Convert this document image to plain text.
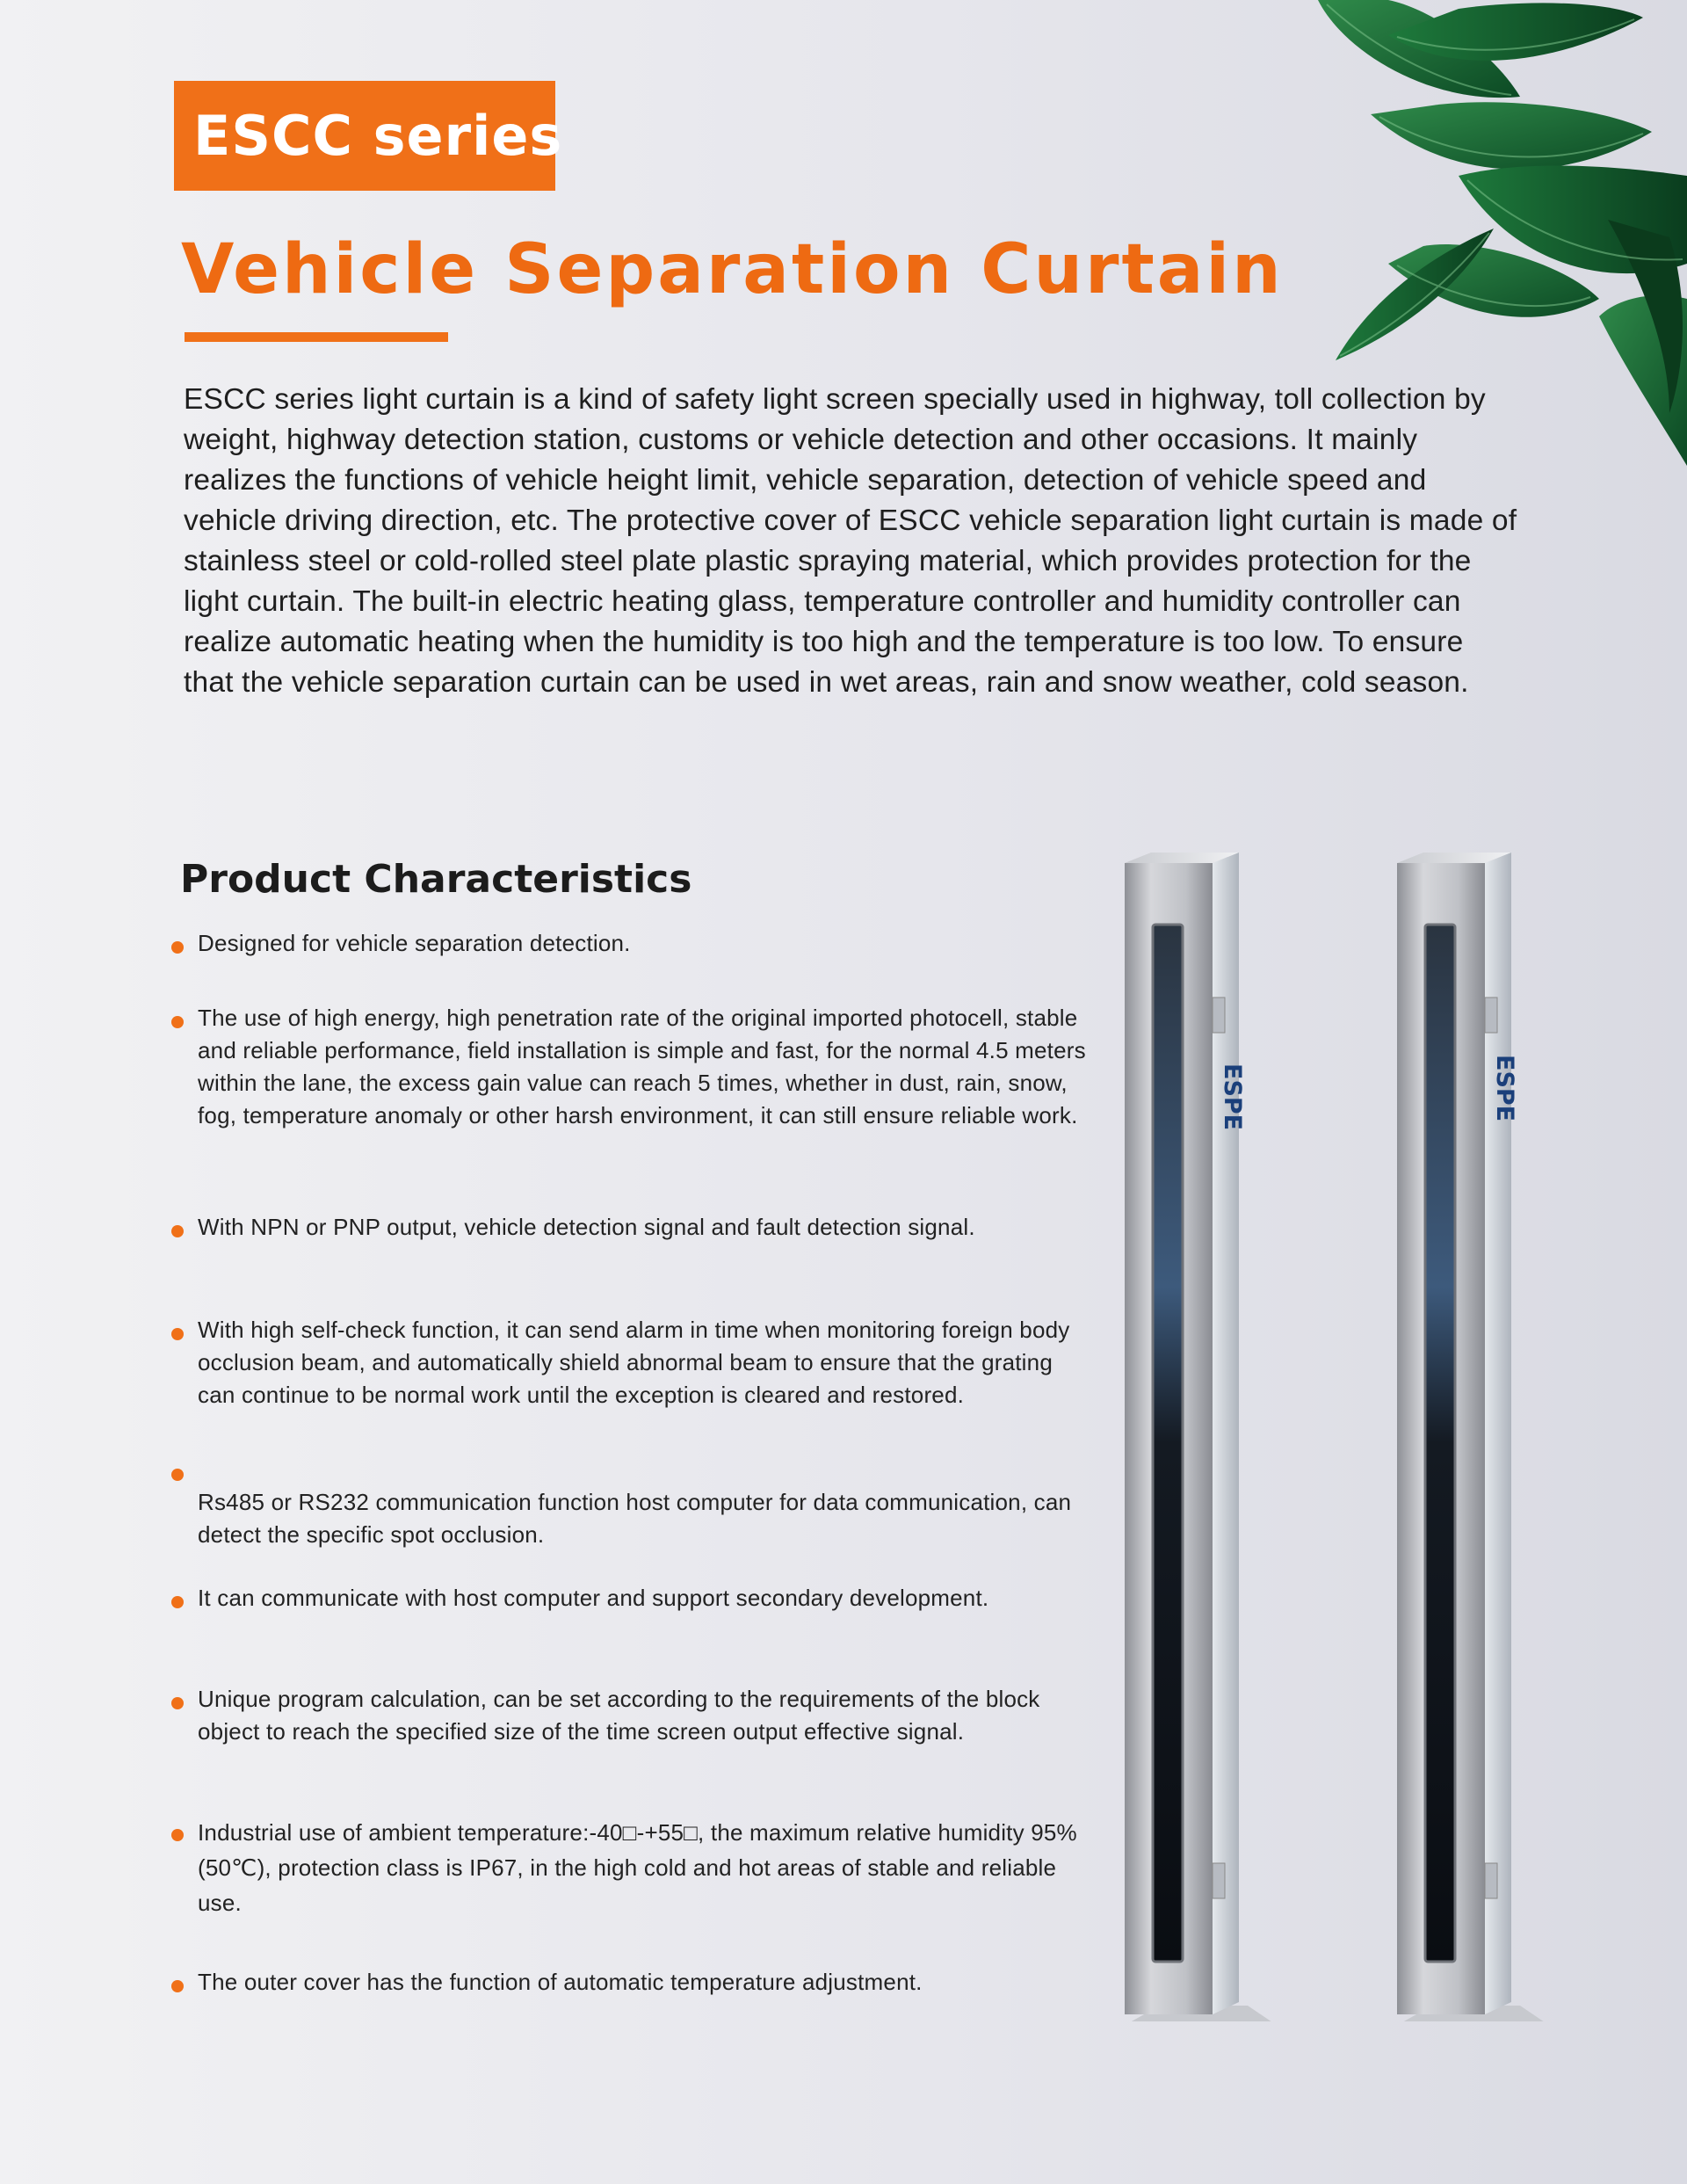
ESCC series
Vehicle Separation Curtain

ESCC series light curtain is a kind of safety light screen specially used in highway, toll collection by weight, highway detection station, customs or vehicle detection and other occasions. It mainly realizes the functions of vehicle height limit, vehicle separation, detection of vehicle speed and vehicle driving direction, etc. The protective cover of ESCC vehicle separation light curtain is made of stainless steel or cold-rolled steel plate plastic spraying material, which provides protection for the light curtain. The built-in electric heating glass, temperature controller and humidity controller can realize automatic heating when the humidity is too high and the temperature is too low. To ensure that the vehicle separation curtain can be used in wet areas, rain and snow weather, cold season.

Product Characteristics
Designed for vehicle separation detection.
The use of high energy, high penetration rate of the original imported photocell, stable and reliable performance, field installation is simple and fast, for the normal 4.5 meters within the lane, the excess gain value can reach 5 times, whether in dust, rain, snow, fog, temperature anomaly or other harsh environment, it can still ensure reliable work.
With NPN or PNP output, vehicle detection signal and fault detection signal.
With high self-check function, it can send alarm in time when monitoring foreign body occlusion beam, and automatically shield abnormal beam to ensure that the grating can continue to be normal work until the exception is cleared and restored.
Rs485 or RS232 communication function host computer for data communication, can detect the specific spot occlusion.
It can communicate with host computer and support secondary development.
Unique program calculation, can be set according to the requirements of the block object to reach the specified size of the time screen output effective signal.
Industrial use of ambient temperature:-40□-+55□, the maximum relative humidity 95%(50℃), protection class is IP67, in the high cold and hot areas of stable and reliable use.
The outer cover has the function of automatic temperature adjustment.
ESPE	ESPE
